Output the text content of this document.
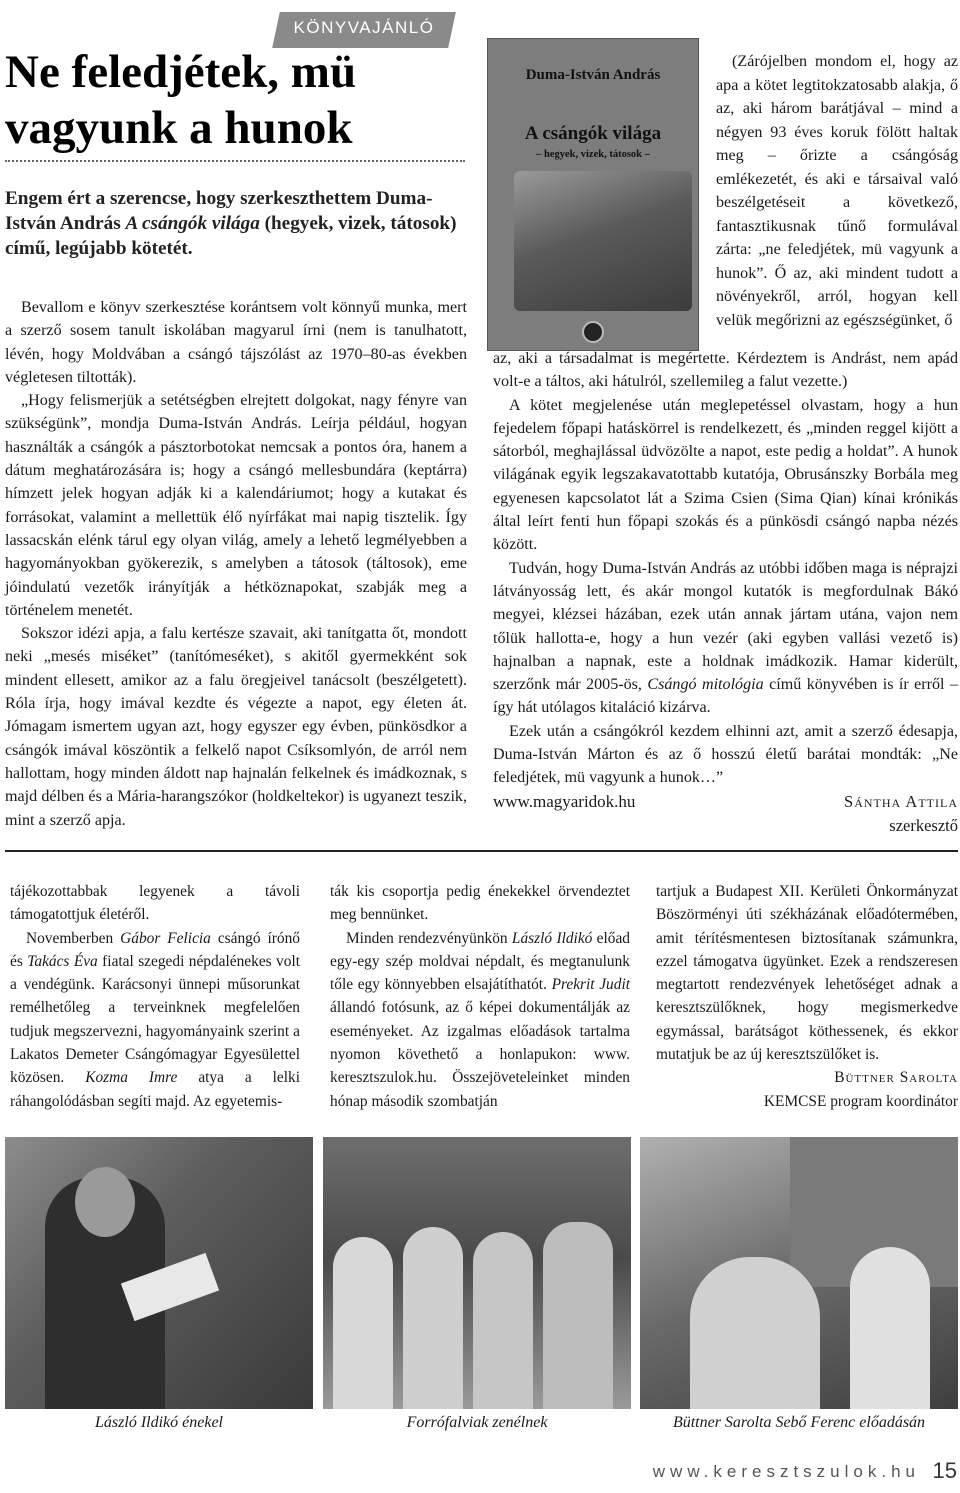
KÖNYVAJÁNLÓ
Ne feledjétek, mü vagyunk a hunok
Engem ért a szerencse, hogy szerkeszthettem Duma-István András A csángók világa (hegyek, vizek, tátosok) című, legújabb kötetét.

Bevallom e könyv szerkesztése korántsem volt könnyű munka, mert a szerző sosem tanult iskolában magyarul írni (nem is tanulhatott, lévén, hogy Moldvában a csángó tájszólást az 1970–80-as években végletesen tiltották).

„Hogy felismerjük a setétségben elrejtett dolgokat, nagy fényre van szükségünk”, mondja Duma-István András. Leírja például, hogyan használták a csángók a pásztorbotokat nemcsak a pontos óra, hanem a dátum meghatározására is; hogy a csángó mellesbundára (keptárra) hímzett jelek hogyan adják ki a kalendáriumot; hogy a kutakat és forrásokat, valamint a mellettük élő nyírfákat mai napig tisztelik. Így lassacskán elénk tárul egy olyan világ, amely a lehető legmélyebben a hagyományokban gyökerezik, s amelyben a tátosok (táltosok), eme jóindulatú vezetők irányítják a hétköznapokat, szabják meg a történelem menetét.

Sokszor idézi apja, a falu kertésze szavait, aki tanítgatta őt, mondott neki „mesés miséket” (tanítómeséket), s akitől gyermekként sok mindent ellesett, amikor az a falu öregjeivel tanácsolt (beszélgetett). Róla írja, hogy imával kezdte és végezte a napot, egy életen át. Jómagam ismertem ugyan azt, hogy egyszer egy évben, pünkösdkor a csángók imával köszöntik a felkelő napot Csíksomlyón, de arról nem hallottam, hogy minden áldott nap hajnalán felkelnek és imádkoznak, s majd délben és a Mária-harangszókor (holdkeltekor) is ugyanezt teszik, mint a szerző apja.

Duma-István András
A csángók világa
– hegyek, vizek, tátosok –

(Zárójelben mondom el, hogy az apa a kötet legtitokzatosabb alakja, ő az, aki három barátjával – mind a négyen 93 éves koruk fölött haltak meg – őrizte a csángóság emlékezetét, és aki e társaival való beszélgetéseit a következő, fantasztikusnak tűnő formulával zárta: „ne feledjétek, mü vagyunk a hunok”. Ő az, aki mindent tudott a növényekről, arról, hogyan kell velük megőrizni az egészségünket, ő

az, aki a társadalmat is megértette. Kérdeztem is Andrást, nem apád volt-e a táltos, aki hátulról, szellemileg a falut vezette.)

A kötet megjelenése után meglepetéssel olvastam, hogy a hun fejedelem főpapi hatáskörrel is rendelkezett, és „minden reggel kijött a sátorból, meghajlással üdvözölte a napot, este pedig a holdat”. A hunok világának egyik legszakavatottabb kutatója, Obrusánszky Borbála meg egyenesen kapcsolatot lát a Szima Csien (Sima Qian) kínai krónikás által leírt fenti hun főpapi szokás és a pünkösdi csángó napba nézés között.

Tudván, hogy Duma-István András az utóbbi időben maga is néprajzi látványosság lett, és akár mongol kutatók is megfordulnak Bákó megyei, klézsei házában, ezek után annak jártam utána, vajon nem tőlük hallotta-e, hogy a hun vezér (aki egyben vallási vezető is) hajnalban a napnak, este a holdnak imádkozik. Hamar kiderült, szerzőnk már 2005-ös, Csángó mitológia című könyvében is ír erről – így hát utólagos kitaláció kizárva.

Ezek után a csángókról kezdem elhinni azt, amit a szerző édesapja, Duma-István Márton és az ő hosszú életű barátai mondták: „Ne feledjétek, mü vagyunk a hunok…”

www.magyaridok.hu	Sántha Attila
szerkesztő

tájékozottabbak legyenek a távoli támogatottjuk életéről.

Novemberben Gábor Felicia csángó írónő és Takács Éva fiatal szegedi népdalénekes volt a vendégünk. Karácsonyi ünnepi műsorunkat remélhetőleg a terveinknek megfelelően tudjuk megszervezni, hagyományaink szerint a Lakatos Demeter Csángómagyar Egyesülettel közösen. Kozma Imre atya a lelki ráhangolódásban segíti majd. Az egyetemis-

ták kis csoportja pedig énekekkel örvendeztet meg bennünket.

Minden rendezvényünkön László Ildikó előad egy-egy szép moldvai népdalt, és megtanulunk tőle egy könnyebben elsajátíthatót. Prekrit Judit állandó fotósunk, az ő képei dokumentálják az eseményeket. Az izgalmas előadások tartalma nyomon követhető a honlapukon: www. keresztszulok.hu. Összejöveteleinket minden hónap második szombatján

tartjuk a Budapest XII. Kerületi Önkormányzat Böszörményi úti székházának előadótermében, amit térítésmentesen biztosítanak számunkra, ezzel támogatva ügyünket. Ezek a rendszeresen megtartott rendezvények lehetőséget adnak a keresztszülőknek, hogy megismerkedve egymással, barátságot köthessenek, és ekkor mutatjuk be az új keresztszülőket is.

Büttner Sarolta

KEMCSE program koordinátor

László Ildikó énekel	Forrófalviak zenélnek	Büttner Sarolta Sebő Ferenc előadásán
www.keresztszulok.hu 15
